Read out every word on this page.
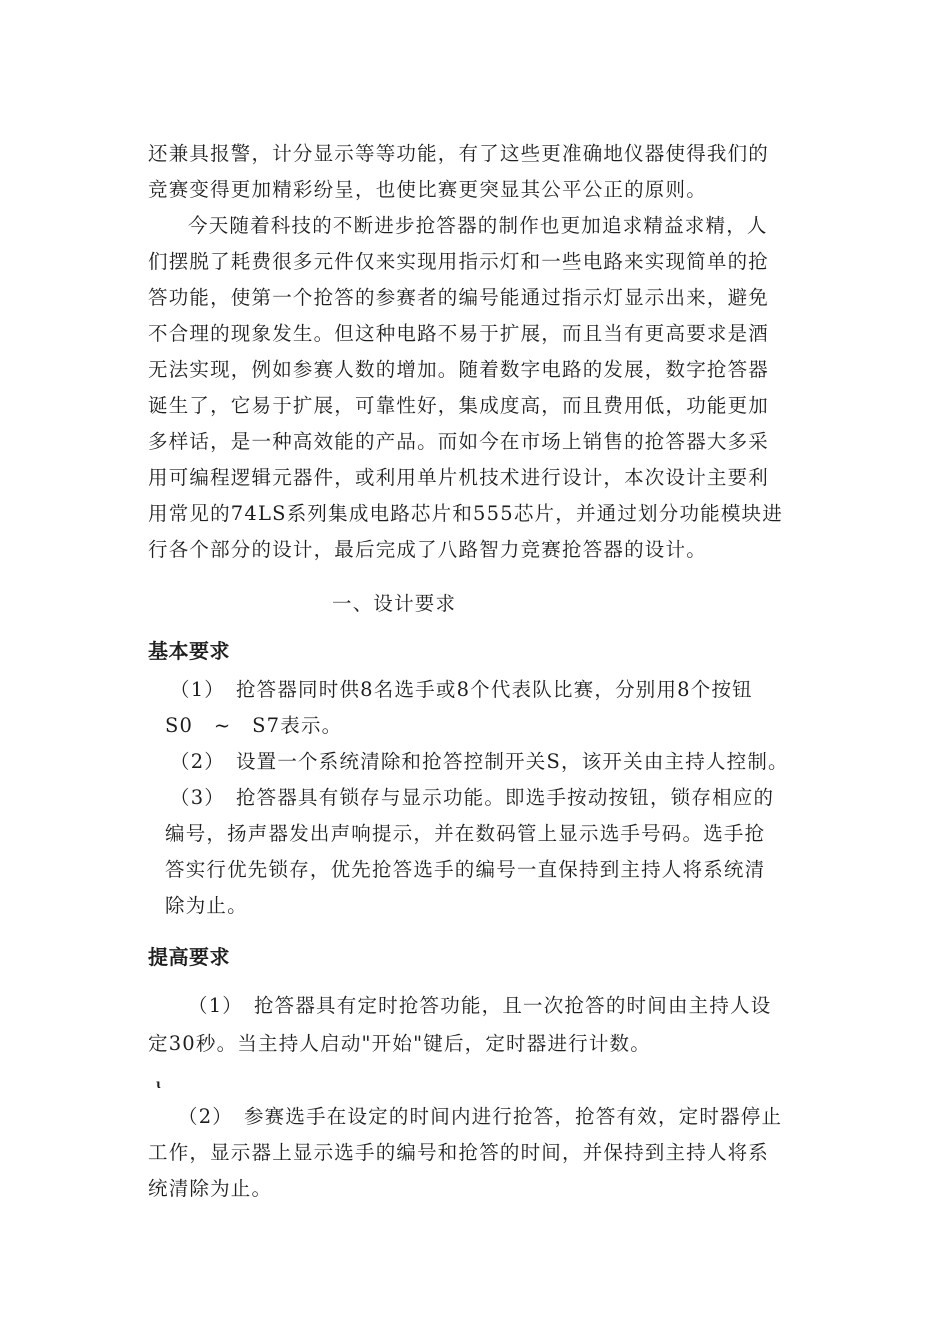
还兼具报警，计分显示等等功能，有了这些更准确地仪器使得我们的
竞赛变得更加精彩纷呈，也使比赛更突显其公平公正的原则。
今天随着科技的不断进步抢答器的制作也更加追求精益求精，人
们摆脱了耗费很多元件仅来实现用指示灯和一些电路来实现简单的抢
答功能，使第一个抢答的参赛者的编号能通过指示灯显示出来，避免
不合理的现象发生。但这种电路不易于扩展，而且当有更高要求是酒
无法实现，例如参赛人数的增加。随着数字电路的发展，数字抢答器
诞生了，它易于扩展，可靠性好，集成度高，而且费用低，功能更加
多样话，是一种高效能的产品。而如今在市场上销售的抢答器大多采
用可编程逻辑元器件，或利用单片机技术进行设计，本次设计主要利
用常见的74LS系列集成电路芯片和555芯片，并通过划分功能模块进
行各个部分的设计，最后完成了八路智力竞赛抢答器的设计。
一、设计要求
基本要求
（1）　抢答器同时供8名选手或8个代表队比赛，分别用8个按钮
S0　~　S7表示。
（2）　设置一个系统清除和抢答控制开关S，该开关由主持人控制。
（3）　抢答器具有锁存与显示功能。即选手按动按钮，锁存相应的
编号，扬声器发出声响提示，并在数码管上显示选手号码。选手抢
答实行优先锁存，优先抢答选手的编号一直保持到主持人将系统清
除为止。
提高要求
（1）　抢答器具有定时抢答功能，且一次抢答的时间由主持人设
定30秒。当主持人启动"开始"键后，定时器进行计数。
ɩ
（2）　参赛选手在设定的时间内进行抢答，抢答有效，定时器停止
工作，显示器上显示选手的编号和抢答的时间，并保持到主持人将系
统清除为止。
